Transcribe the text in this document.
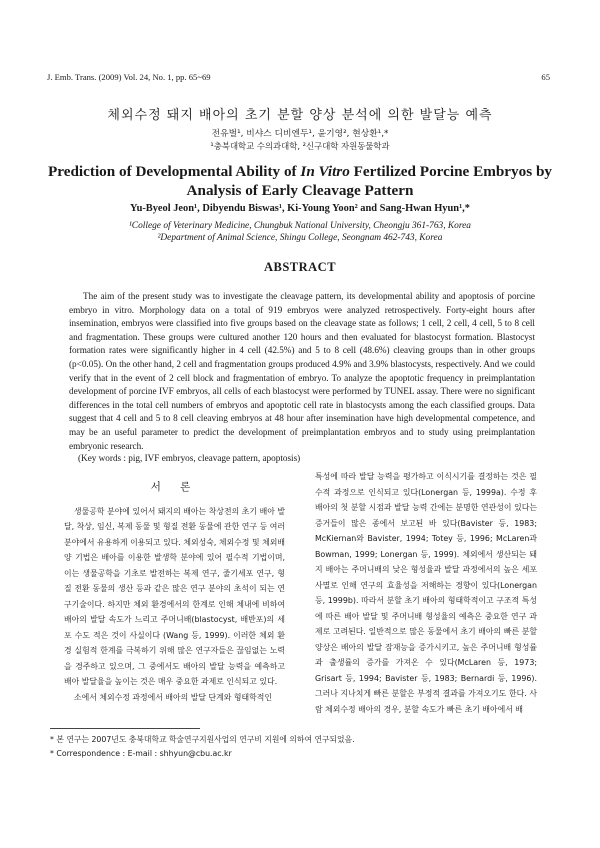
J. Emb. Trans. (2009) Vol. 24, No. 1, pp. 65~69	65
체외수정 돼지 배아의 초기 분할 양상 분석에 의한 발달능 예측
전유벌¹, 비샤스 디비엔두¹, 윤기영², 현상환¹,*
¹충북대학교 수의과대학, ²신구대학 자원동물학과
Prediction of Developmental Ability of In Vitro Fertilized Porcine Embryos by Analysis of Early Cleavage Pattern
Yu-Byeol Jeon¹, Dibyendu Biswas¹, Ki-Young Yoon² and Sang-Hwan Hyun¹,*
¹College of Veterinary Medicine, Chungbuk National University, Cheongju 361-763, Korea
²Department of Animal Science, Shingu College, Seongnam 462-743, Korea
ABSTRACT
The aim of the present study was to investigate the cleavage pattern, its developmental ability and apoptosis of porcine embryo in vitro. Morphology data on a total of 919 embryos were analyzed retrospectively. Forty-eight hours after insemination, embryos were classified into five groups based on the cleavage state as follows; 1 cell, 2 cell, 4 cell, 5 to 8 cell and fragmentation. These groups were cultured another 120 hours and then evaluated for blastocyst formation. Blastocyst formation rates were significantly higher in 4 cell (42.5%) and 5 to 8 cell (48.6%) cleaving groups than in other groups (p<0.05). On the other hand, 2 cell and fragmentation groups produced 4.9% and 3.9% blastocysts, respectively. And we could verify that in the event of 2 cell block and fragmentation of embryo. To analyze the apoptotic frequency in preimplantation development of porcine IVF embryos, all cells of each blastocyst were performed by TUNEL assay. There were no significant differences in the total cell numbers of embryos and apoptotic cell rate in blastocysts among the each classified groups. Data suggest that 4 cell and 5 to 8 cell cleaving embryos at 48 hour after insemination have high developmental competence, and may be an useful parameter to predict the development of preimplantation embryos and to study using preimplantation embryonic research.
(Key words : pig, IVF embryos, cleavage pattern, apoptosis)
서 론

생물공학 분야에 있어서 돼지의 배아는 착상전의 초기 배아 발달, 착상, 임신, 복제 동물 및 형질 전환 동물에 관한 연구 등 여러 분야에서 유용하게 이용되고 있다. 체외성숙, 체외수정 및 체외배양 기법은 배아를 이용한 발생학 분야에 있어 필수적 기법이며, 이는 생물공학을 기초로 발전하는 복제 연구, 줄기세포 연구, 형질 전환 동물의 생산 등과 같은 많은 연구 분야의 초석이 되는 연구기술이다. 하지만 체외 환경에서의 한계로 인해 체내에 비하여 배아의 발달 속도가 느리고 주머니배(blastocyst, 배반포)의 세포 수도 적은 것이 사실이다 (Wang 등, 1999). 이러한 체외 환경 실험적 한계를 극복하기 위해 많은 연구자들은 끊임없는 노력을 경주하고 있으며, 그 중에서도 배아의 발달 능력을 예측하고 배아 발달율을 높이는 것은 매우 중요한 과제로 인식되고 있다.

소에서 체외수정 과정에서 배아의 발달 단계와 형태학적인

특성에 따라 발달 능력을 평가하고 이식시기를 결정하는 것은 필수적 과정으로 인식되고 있다(Lonergan 등, 1999a). 수정 후 배아의 첫 분할 시점과 발달 능력 간에는 분명한 연관성이 있다는 증거들이 많은 종에서 보고된 바 있다(Bavister 등, 1983; McKiernan와 Bavister, 1994; Totey 등, 1996; McLaren과 Bowman, 1999; Lonergan 등, 1999). 체외에서 생산되는 돼지 배아는 주머니배의 낮은 형성율과 발달 과정에서의 높은 세포사멸로 인해 연구의 효율성을 저해하는 경향이 있다(Lonergan 등, 1999b). 따라서 분할 초기 배아의 형태학적이고 구조적 특성에 따른 배아 발달 및 주머니배 형성율의 예측은 중요한 연구 과제로 고려된다. 일반적으로 많은 동물에서 초기 배아의 빠른 분할 양상은 배아의 발달 잠재능을 증가시키고, 높은 주머니배 형성률과 출생률의 증가를 가져온 수 있다(McLaren 등, 1973; Grisart 등, 1994; Bavister 등, 1983; Bernardi 등, 1996). 그러나 지나치게 빠른 분할은 부정적 결과를 가져오기도 한다. 사람 체외수정 배아의 경우, 분할 속도가 빠른 초기 배아에서 배

* 본 연구는 2007년도 충북대학교 학술연구지원사업의 연구비 지원에 의하여 연구되었음.
* Correspondence : E-mail : shhyun@cbu.ac.kr
